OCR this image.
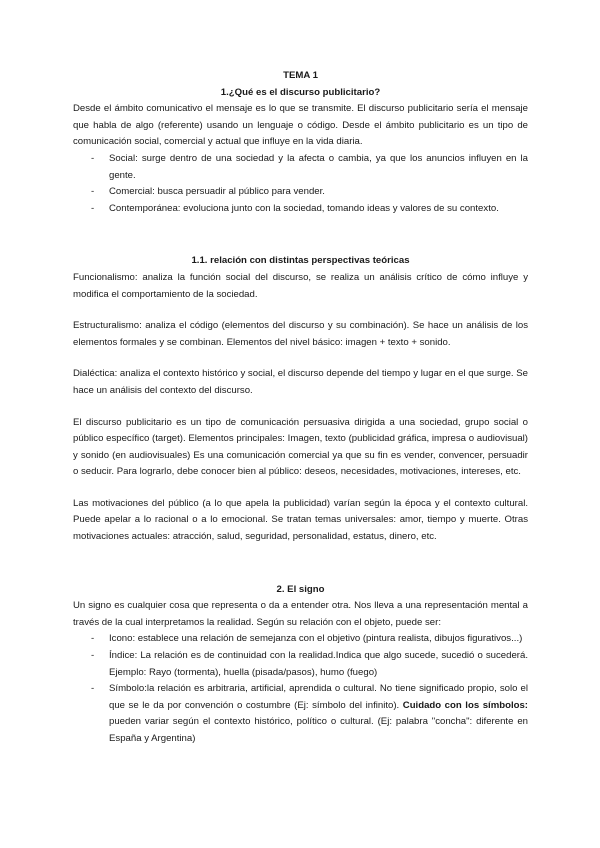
TEMA 1
1.¿Qué es el discurso publicitario?

Desde el ámbito comunicativo el mensaje es lo que se transmite. El discurso publicitario sería el mensaje que habla de algo (referente) usando un lenguaje o código. Desde el ámbito publicitario es un tipo de comunicación social, comercial y actual que influye en la vida diaria.

- Social: surge dentro de una sociedad y la afecta o cambia, ya que los anuncios influyen en la gente.
- Comercial: busca persuadir al público para vender.
- Contemporánea: evoluciona junto con la sociedad, tomando ideas y valores de su contexto.
1.1. relación con distintas perspectivas teóricas

Funcionalismo: analiza la función social del discurso, se realiza un análisis crítico de cómo influye y modifica el comportamiento de la sociedad.

Estructuralismo: analiza el código (elementos del discurso y su combinación). Se hace un análisis de los elementos formales y se combinan. Elementos del nivel básico: imagen + texto + sonido.

Dialéctica: analiza el contexto histórico y social, el discurso depende del tiempo y lugar en el que surge. Se hace un análisis del contexto del discurso.

El discurso publicitario es un tipo de comunicación persuasiva dirigida a una sociedad, grupo social o público específico (target). Elementos principales: Imagen, texto (publicidad gráfica, impresa o audiovisual) y sonido (en audiovisuales) Es una comunicación comercial ya que su fin es vender, convencer, persuadir o seducir. Para lograrlo, debe conocer bien al público: deseos, necesidades, motivaciones, intereses, etc.

Las motivaciones del público (a lo que apela la publicidad) varían según la época y el contexto cultural. Puede apelar a lo racional o a lo emocional. Se tratan temas universales: amor, tiempo y muerte. Otras motivaciones actuales: atracción, salud, seguridad, personalidad, estatus, dinero, etc.

2. El signo

Un signo es cualquier cosa que representa o da a entender otra. Nos lleva a una representación mental a través de la cual interpretamos la realidad. Según su relación con el objeto, puede ser:

- Icono: establece una relación de semejanza con el objetivo (pintura realista, dibujos figurativos...)
- Índice: La relación es de continuidad con la realidad.Indica que algo sucede, sucedió o sucederá. Ejemplo: Rayo (tormenta), huella (pisada/pasos), humo (fuego)
- Símbolo:la relación es arbitraria, artificial, aprendida o cultural. No tiene significado propio, solo el que se le da por convención o costumbre (Ej: símbolo del infinito). Cuidado con los símbolos: pueden variar según el contexto histórico, político o cultural. (Ej: palabra "concha": diferente en España y Argentina)
